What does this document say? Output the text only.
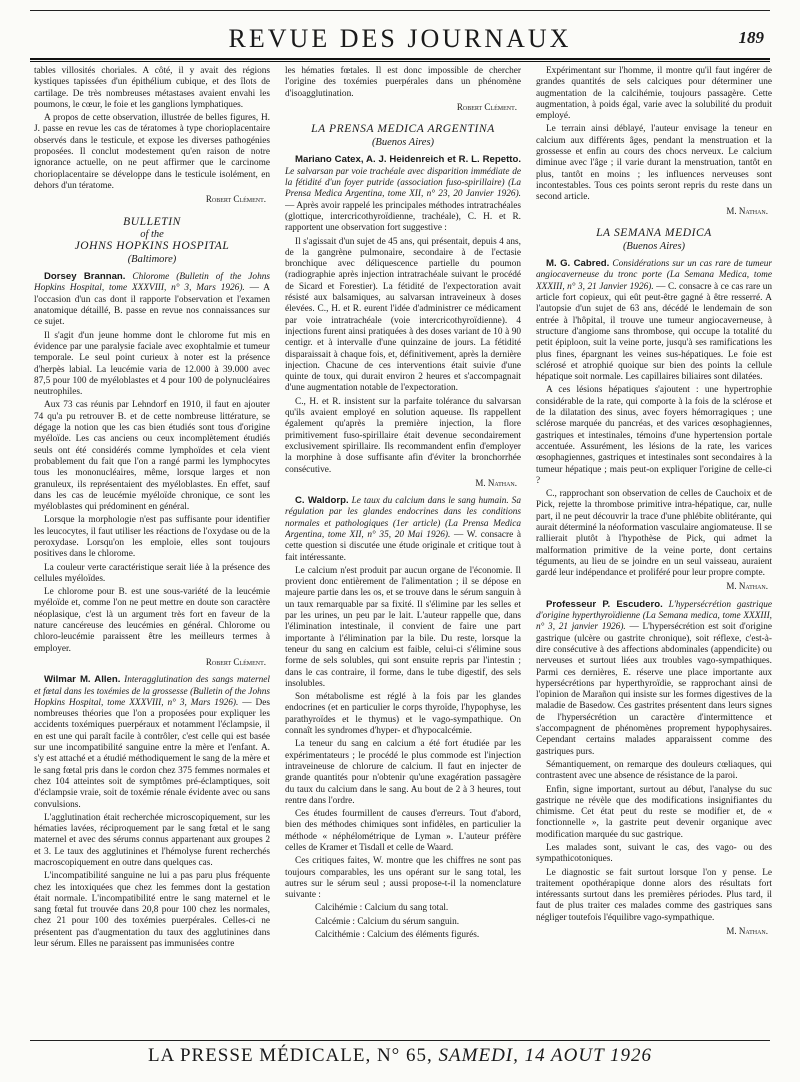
REVUE DES JOURNAUX	189

tables villosités choriales. A côté, il y avait des régions kystiques tapissées d'un épithélium cubique, et des îlots de cartilage. De très nombreuses métastases avaient envahi les poumons, le cœur, le foie et les ganglions lymphatiques.

A propos de cette observation, illustrée de belles figures, H. J. passe en revue les cas de tératomes à type chorioplacentaire observés dans le testicule, et expose les diverses pathogénies proposées. Il conclut modestement qu'en raison de notre ignorance actuelle, on ne peut affirmer que le carcinome chorioplacentaire se développe dans le testicule isolément, en dehors d'un tératome.

Robert Clément.
BULLETIN
of the
JOHNS HOPKINS HOSPITAL
(Baltimore)

Dorsey Brannan. Chlorome (Bulletin of the Johns Hopkins Hospital, tome XXXVIII, n° 3, Mars 1926). — A l'occasion d'un cas dont il rapporte l'observation et l'examen anatomique détaillé, B. passe en revue nos connaissances sur ce sujet.

Il s'agit d'un jeune homme dont le chlorome fut mis en évidence par une paralysie faciale avec exophtalmie et tumeur temporale. Le seul point curieux à noter est la présence d'herpès labial. La leucémie varia de 12.000 à 39.000 avec 87,5 pour 100 de myéloblastes et 4 pour 100 de polynucléaires neutrophiles.

Aux 73 cas réunis par Lehndorf en 1910, il faut en ajouter 74 qu'a pu retrouver B. et de cette nombreuse littérature, se dégage la notion que les cas bien étudiés sont tous d'origine myéloïde. Les cas anciens ou ceux incomplètement étudiés seuls ont été considérés comme lymphoïdes et cela vient probablement du fait que l'on a rangé parmi les lymphocytes tous les mononucléaires, même, lorsque larges et non granuleux, ils représentaient des myéloblastes. En effet, sauf dans les cas de leucémie myéloïde chronique, ce sont les myéloblastes qui prédominent en général.

Lorsque la morphologie n'est pas suffisante pour identifier les leucocytes, il faut utiliser les réactions de l'oxydase ou de la peroxydase. Lorsqu'on les emploie, elles sont toujours positives dans le chlorome.

La couleur verte caractéristique serait liée à la présence des cellules myéloïdes.

Le chlorome pour B. est une sous-variété de la leucémie myéloïde et, comme l'on ne peut mettre en doute son caractère néoplasique, c'est là un argument très fort en faveur de la nature cancéreuse des leucémies en général. Chlorome ou chloro-leucémie paraissent être les meilleurs termes à employer.

Robert Clément.

Wilmar M. Allen. Interagglutination des sangs maternel et fœtal dans les toxémies de la grossesse (Bulletin of the Johns Hopkins Hospital, tome XXXVIII, n° 3, Mars 1926). — Des nombreuses théories que l'on a proposées pour expliquer les accidents toxémiques puerpéraux et notamment l'éclampsie, il en est une qui paraît facile à contrôler, c'est celle qui est basée sur une incompatibilité sanguine entre la mère et l'enfant. A. s'y est attaché et a étudié méthodiquement le sang de la mère et le sang fœtal pris dans le cordon chez 375 femmes normales et chez 104 atteintes soit de symptômes pré-éclamptiques, soit d'éclampsie vraie, soit de toxémie rénale évidente avec ou sans convulsions.

L'agglutination était recherchée microscopiquement, sur les hématies lavées, réciproquement par le sang fœtal et le sang maternel et avec des sérums connus appartenant aux groupes 2 et 3. Le taux des agglutinines et l'hémolyse furent recherchés macroscopiquement en outre dans quelques cas.

L'incompatibilité sanguine ne lui a pas paru plus fréquente chez les intoxiquées que chez les femmes dont la gestation était normale. L'incompatibilité entre le sang maternel et le sang fœtal fut trouvée dans 20,8 pour 100 chez les normales, chez 21 pour 100 des toxémies puerpérales. Celles-ci ne présentent pas d'augmentation du taux des agglutinines dans leur sérum. Elles ne paraissent pas immunisées contre

les hématies fœtales. Il est donc impossible de chercher l'origine des toxémies puerpérales dans un phénomène d'isoagglutination.

Robert Clément.
LA PRENSA MEDICA ARGENTINA
(Buenos Aires)

Mariano Catex, A. J. Heidenreich et R. L. Repetto. Le salvarsan par voie trachéale avec disparition immédiate de la fétidité d'un foyer putride (association fuso-spirillaire) (La Prensa Medica Argentina, tome XII, n° 23, 20 Janvier 1926). — Après avoir rappelé les principales méthodes intratrachéales (glottique, intercricothyroïdienne, trachéale), C. H. et R. rapportent une observation fort suggestive :

Il s'agissait d'un sujet de 45 ans, qui présentait, depuis 4 ans, de la gangrène pulmonaire, secondaire à de l'ectasie bronchique avec déliquescence partielle du poumon (radiographie après injection intratrachéale suivant le procédé de Sicard et Forestier). La fétidité de l'expectoration avait résisté aux balsamiques, au salvarsan intraveineux à doses élevées. C., H. et R. eurent l'idée d'administrer ce médicament par voie intratrachéale (voie intercricothyroïdienne). 4 injections furent ainsi pratiquées à des doses variant de 10 à 90 centigr. et à intervalle d'une quinzaine de jours. La fétidité disparaissait à chaque fois, et, définitivement, après la dernière injection. Chacune de ces interventions était suivie d'une quinte de toux, qui durait environ 2 heures et s'accompagnait d'une augmentation notable de l'expectoration.

C., H. et R. insistent sur la parfaite tolérance du salvarsan qu'ils avaient employé en solution aqueuse. Ils rappellent également qu'après la première injection, la flore primitivement fuso-spirillaire était devenue secondairement exclusivement spirillaire. Ils recommandent enfin d'employer la morphine à dose suffisante afin d'éviter la bronchorrhée consécutive.

M. Nathan.

C. Waldorp. Le taux du calcium dans le sang humain. Sa régulation par les glandes endocrines dans les conditions normales et pathologiques (1er article) (La Prensa Medica Argentina, tome XII, n° 35, 20 Mai 1926). — W. consacre à cette question si discutée une étude originale et critique tout à fait intéressante.

Le calcium n'est produit par aucun organe de l'économie. Il provient donc entièrement de l'alimentation ; il se dépose en majeure partie dans les os, et se trouve dans le sérum sanguin à un taux remarquable par sa fixité. Il s'élimine par les selles et par les urines, un peu par le lait. L'auteur rappelle que, dans l'élimination intestinale, il convient de faire une part importante à l'élimination par la bile. Du reste, lorsque la teneur du sang en calcium est faible, celui-ci s'élimine sous forme de sels solubles, qui sont ensuite repris par l'intestin ; dans le cas contraire, il forme, dans le tube digestif, des sels insolubles.

Son métabolisme est réglé à la fois par les glandes endocrines (et en particulier le corps thyroïde, l'hypophyse, les parathyroïdes et le thymus) et le vago-sympathique. On connaît les syndromes d'hyper- et d'hypocalcémie.

La teneur du sang en calcium a été fort étudiée par les expérimentateurs ; le procédé le plus commode est l'injection intraveineuse de chlorure de calcium. Il faut en injecter de grande quantités pour n'obtenir qu'une exagération passagère du taux du calcium dans le sang. Au bout de 2 à 3 heures, tout rentre dans l'ordre.

Ces études fourmillent de causes d'erreurs. Tout d'abord, bien des méthodes chimiques sont infidèles, en particulier la méthode « néphélométrique de Lyman ». L'auteur préfère celles de Kramer et Tisdall et celle de Waard.

Ces critiques faites, W. montre que les chiffres ne sont pas toujours comparables, les uns opérant sur le sang total, les autres sur le sérum seul ; aussi propose-t-il la nomenclature suivante :

Calcihémie : Calcium du sang total.

Calcémie : Calcium du sérum sanguin.

Calcithémie : Calcium des éléments figurés.

Expérimentant sur l'homme, il montre qu'il faut ingérer de grandes quantités de sels calciques pour déterminer une augmentation de la calcihémie, toujours passagère. Cette augmentation, à poids égal, varie avec la solubilité du produit employé.

Le terrain ainsi déblayé, l'auteur envisage la teneur en calcium aux différents âges, pendant la menstruation et la grossesse et enfin au cours des chocs nerveux. Le calcium diminue avec l'âge ; il varie durant la menstruation, tantôt en plus, tantôt en moins ; les influences nerveuses sont incontestables. Tous ces points seront repris du reste dans un second article.

M. Nathan.
LA SEMANA MEDICA
(Buenos Aires)

M. G. Cabred. Considérations sur un cas rare de tumeur angiocaverneuse du tronc porte (La Semana Medica, tome XXXIII, n° 3, 21 Janvier 1926). — C. consacre à ce cas rare un article fort copieux, qui eût peut-être gagné à être resserré. A l'autopsie d'un sujet de 63 ans, décédé le lendemain de son entrée à l'hôpital, il trouve une tumeur angiocaverneuse, à structure d'angiome sans thrombose, qui occupe la totalité du petit épiploon, suit la veine porte, jusqu'à ses ramifications les plus fines, épargnant les veines sus-hépatiques. Le foie est sclérosé et atrophié quoique sur bien des points la cellule hépatique soit normale. Les capillaires biliaires sont dilatées.

A ces lésions hépatiques s'ajoutent : une hypertrophie considérable de la rate, qui comporte à la fois de la sclérose et de la dilatation des sinus, avec foyers hémorragiques ; une sclérose marquée du pancréas, et des varices œsophagiennes, gastriques et intestinales, témoins d'une hypertension portale accentuée. Assurément, les lésions de la rate, les varices œsophagiennes, gastriques et intestinales sont secondaires à la tumeur hépatique ; mais peut-on expliquer l'origine de celle-ci ?

C., rapprochant son observation de celles de Cauchoix et de Pick, rejette la thrombose primitive intra-hépatique, car, nulle part, il ne peut découvrir la trace d'une phlébite oblitérante, qui aurait déterminé la néoformation vasculaire angiomateuse. Il se rallierait plutôt à l'hypothèse de Pick, qui admet la malformation primitive de la veine porte, dont certains téguments, au lieu de se joindre en un seul vaisseau, auraient gardé leur indépendance et proliféré pour leur propre compte.

M. Nathan.

Professeur P. Escudero. L'hypersécrétion gastrique d'origine hyperthyroïdienne (La Semana medica, tome XXXIII, n° 3, 21 janvier 1926). — L'hypersécrétion est soit d'origine gastrique (ulcère ou gastrite chronique), soit réflexe, c'est-à-dire consécutive à des affections abdominales (appendicite) ou nerveuses et surtout liées aux troubles vago-sympathiques. Parmi ces dernières, E. réserve une place importante aux hypersécrétions par hyperthyroïdie, se rapprochant ainsi de l'opinion de Marañon qui insiste sur les formes digestives de la maladie de Basedow. Ces gastrites présentent dans leurs signes de l'hypersécrétion un caractère d'intermittence et s'accompagnent de phénomènes proprement hypophysaires. Cependant certains malades apparaissent comme des gastriques purs.

Sémantiquement, on remarque des douleurs cœliaques, qui contrastent avec une absence de résistance de la paroi.

Enfin, signe important, surtout au début, l'analyse du suc gastrique ne révèle que des modifications insignifiantes du chimisme. Cet état peut du reste se modifier et, de « fonctionnelle », la gastrite peut devenir organique avec modification marquée du suc gastrique.

Les malades sont, suivant le cas, des vago- ou des sympathicotoniques.

Le diagnostic se fait surtout lorsque l'on y pense. Le traitement opothérapique donne alors des résultats fort intéressants surtout dans les premières périodes. Plus tard, il faut de plus traiter ces malades comme des gastriques sans négliger toutefois l'équilibre vago-sympathique.

M. Nathan.
LA PRESSE MÉDICALE, N° 65,
SAMEDI, 14 AOUT 1926
